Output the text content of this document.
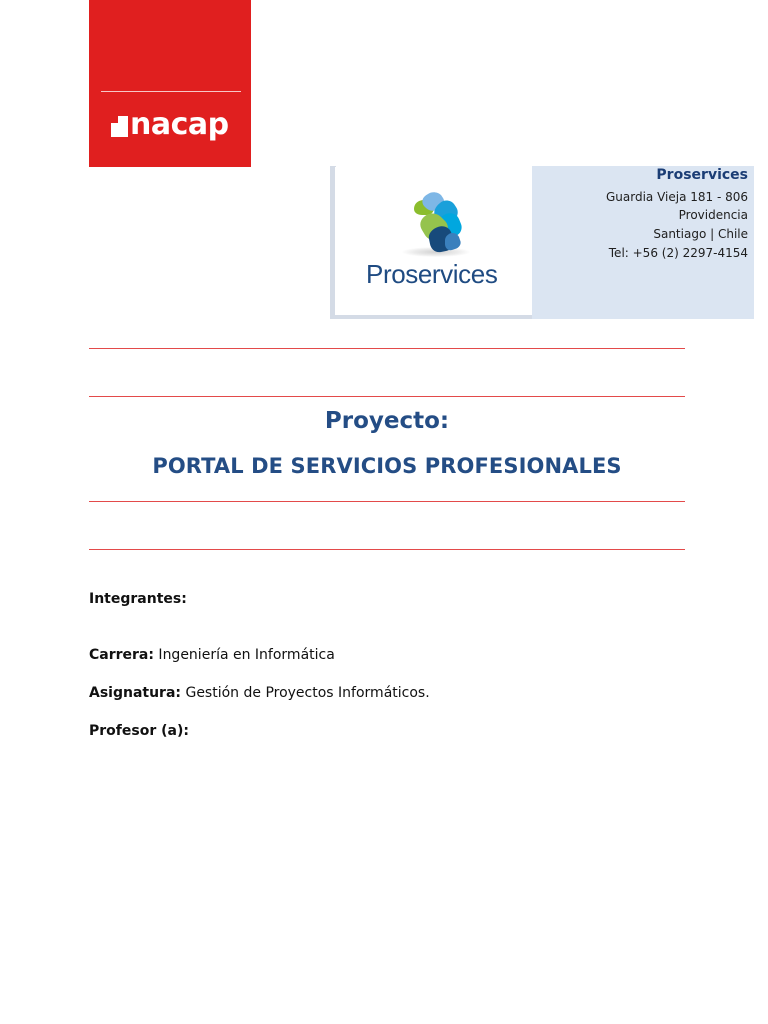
nacap
Proservices
Proservices
Guardia Vieja 181 - 806
Providencia
Santiago | Chile
Tel: +56 (2) 2297-4154
Proyecto:
PORTAL DE SERVICIOS PROFESIONALES
Integrantes:
Carrera: Ingeniería en Informática
Asignatura: Gestión de Proyectos Informáticos.
Profesor (a):
